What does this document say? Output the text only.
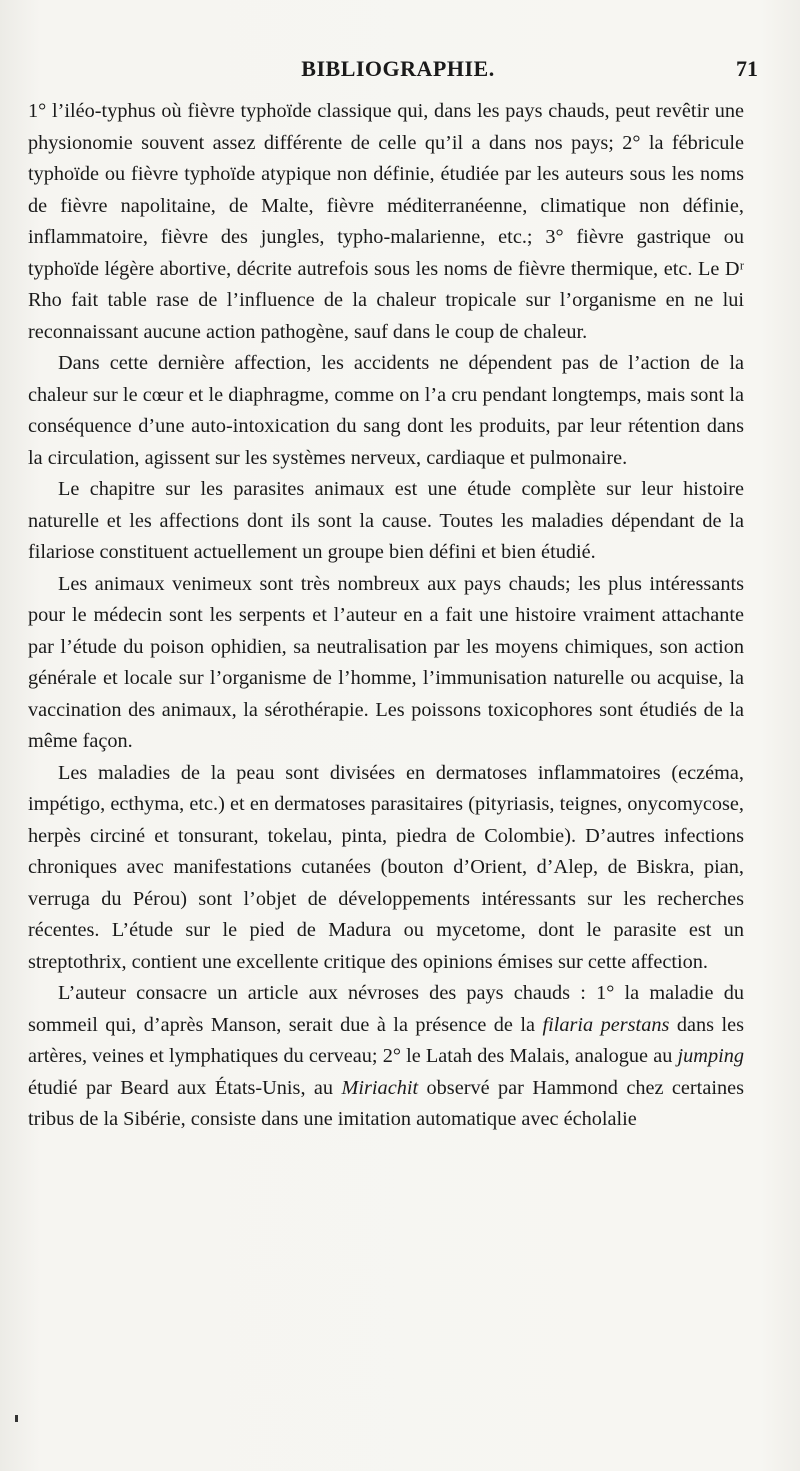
BIBLIOGRAPHIE.	71

1° l’iléo-typhus où fièvre typhoïde classique qui, dans les pays chauds, peut revêtir une physionomie souvent assez différente de celle qu’il a dans nos pays; 2° la fébricule typhoïde ou fièvre typhoïde atypique non définie, étudiée par les auteurs sous les noms de fièvre napolitaine, de Malte, fièvre méditerranéenne, climatique non définie, inflammatoire, fièvre des jungles, typho-malarienne, etc.; 3° fièvre gastrique ou typhoïde légère abortive, décrite autrefois sous les noms de fièvre thermique, etc. Le Dʳ Rho fait table rase de l’influence de la chaleur tropicale sur l’organisme en ne lui reconnaissant aucune action pathogène, sauf dans le coup de chaleur.

Dans cette dernière affection, les accidents ne dépendent pas de l’action de la chaleur sur le cœur et le diaphragme, comme on l’a cru pendant longtemps, mais sont la conséquence d’une auto-intoxication du sang dont les produits, par leur rétention dans la circulation, agissent sur les systèmes nerveux, cardiaque et pulmonaire.

Le chapitre sur les parasites animaux est une étude complète sur leur histoire naturelle et les affections dont ils sont la cause. Toutes les maladies dépendant de la filariose constituent actuellement un groupe bien défini et bien étudié.

Les animaux venimeux sont très nombreux aux pays chauds; les plus intéressants pour le médecin sont les serpents et l’auteur en a fait une histoire vraiment attachante par l’étude du poison ophidien, sa neutralisation par les moyens chimiques, son action générale et locale sur l’organisme de l’homme, l’immunisation naturelle ou acquise, la vaccination des animaux, la sérothérapie. Les poissons toxicophores sont étudiés de la même façon.

Les maladies de la peau sont divisées en dermatoses inflammatoires (eczéma, impétigo, ecthyma, etc.) et en dermatoses parasitaires (pityriasis, teignes, onycomycose, herpès circiné et tonsurant, tokelau, pinta, piedra de Colombie). D’autres infections chroniques avec manifestations cutanées (bouton d’Orient, d’Alep, de Biskra, pian, verruga du Pérou) sont l’objet de développements intéressants sur les recherches récentes. L’étude sur le pied de Madura ou mycetome, dont le parasite est un streptothrix, contient une excellente critique des opinions émises sur cette affection.

L’auteur consacre un article aux névroses des pays chauds : 1° la maladie du sommeil qui, d’après Manson, serait due à la présence de la filaria perstans dans les artères, veines et lymphatiques du cerveau; 2° le Latah des Malais, analogue au jumping étudié par Beard aux États-Unis, au Miriachit observé par Hammond chez certaines tribus de la Sibérie, consiste dans une imitation automatique avec écholalie
